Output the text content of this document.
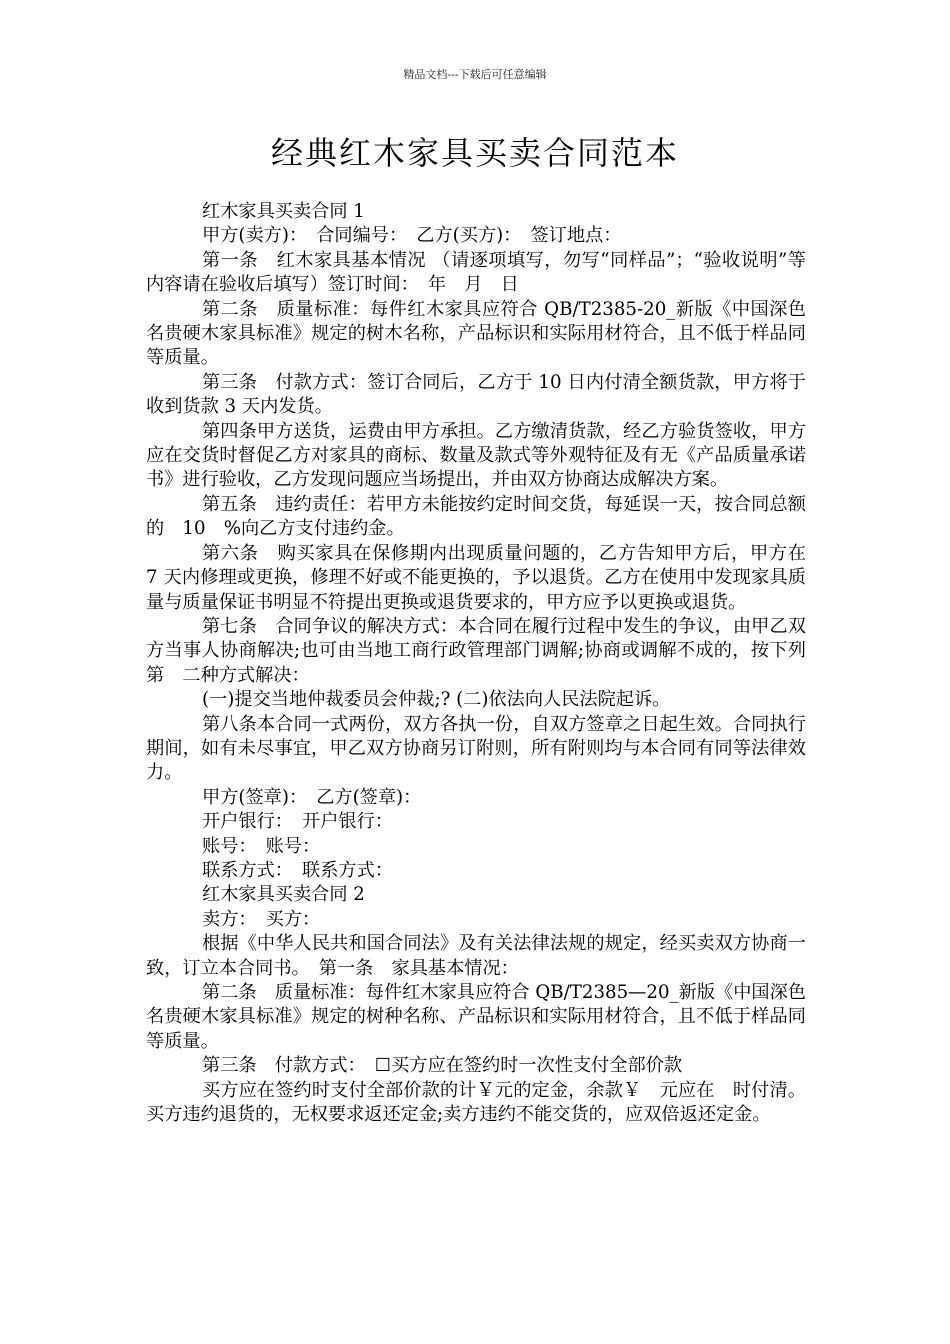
精品文档---下载后可任意编辑
经典红木家具买卖合同范本

红木家具买卖合同 1

甲方(卖方)：　合同编号：　乙方(买方)：　签订地点：

第一条　红木家具基本情况 （请逐项填写，勿写“同样品”；“验收说明”等内容请在验收后填写）签订时间：　年　月　日

第二条　质量标准：每件红木家具应符合 QB/T2385-20_新版《中国深色名贵硬木家具标准》规定的树木名称，产品标识和实际用材符合，且不低于样品同等质量。

第三条　付款方式：签订合同后，乙方于 10 日内付清全额货款，甲方将于收到货款 3 天内发货。

第四条甲方送货，运费由甲方承担。乙方缴清货款，经乙方验货签收，甲方应在交货时督促乙方对家具的商标、数量及款式等外观特征及有无《产品质量承诺书》进行验收，乙方发现问题应当场提出，并由双方协商达成解决方案。

第五条　违约责任：若甲方未能按约定时间交货，每延误一天，按合同总额的　10　%向乙方支付违约金。

第六条　购买家具在保修期内出现质量问题的，乙方告知甲方后，甲方在　7 天内修理或更换，修理不好或不能更换的，予以退货。乙方在使用中发现家具质量与质量保证书明显不符提出更换或退货要求的，甲方应予以更换或退货。

第七条　合同争议的解决方式：本合同在履行过程中发生的争议，由甲乙双方当事人协商解决;也可由当地工商行政管理部门调解;协商或调解不成的，按下列第　二种方式解决：

(一)提交当地仲裁委员会仲裁;? (二)依法向人民法院起诉。

第八条本合同一式两份，双方各执一份，自双方签章之日起生效。合同执行期间，如有未尽事宜，甲乙双方协商另订附则，所有附则均与本合同有同等法律效力。

甲方(签章)：　乙方(签章)：

开户银行：　开户银行：

账号：　账号：

联系方式：　联系方式：

红木家具买卖合同 2

卖方：　买方：

根据《中华人民共和国合同法》及有关法律法规的规定，经买卖双方协商一致，订立本合同书。　第一条　家具基本情况：

第二条　质量标准：每件红木家具应符合 QB/T2385—20_新版《中国深色名贵硬木家具标准》规定的树种名称、产品标识和实际用材符合，且不低于样品同等质量。

第三条　付款方式：　☐买方应在签约时一次性支付全部价款

买方应在签约时支付全部价款的计￥元的定金，余款￥　元应在　时付清。买方违约退货的，无权要求返还定金;卖方违约不能交货的，应双倍返还定金。
